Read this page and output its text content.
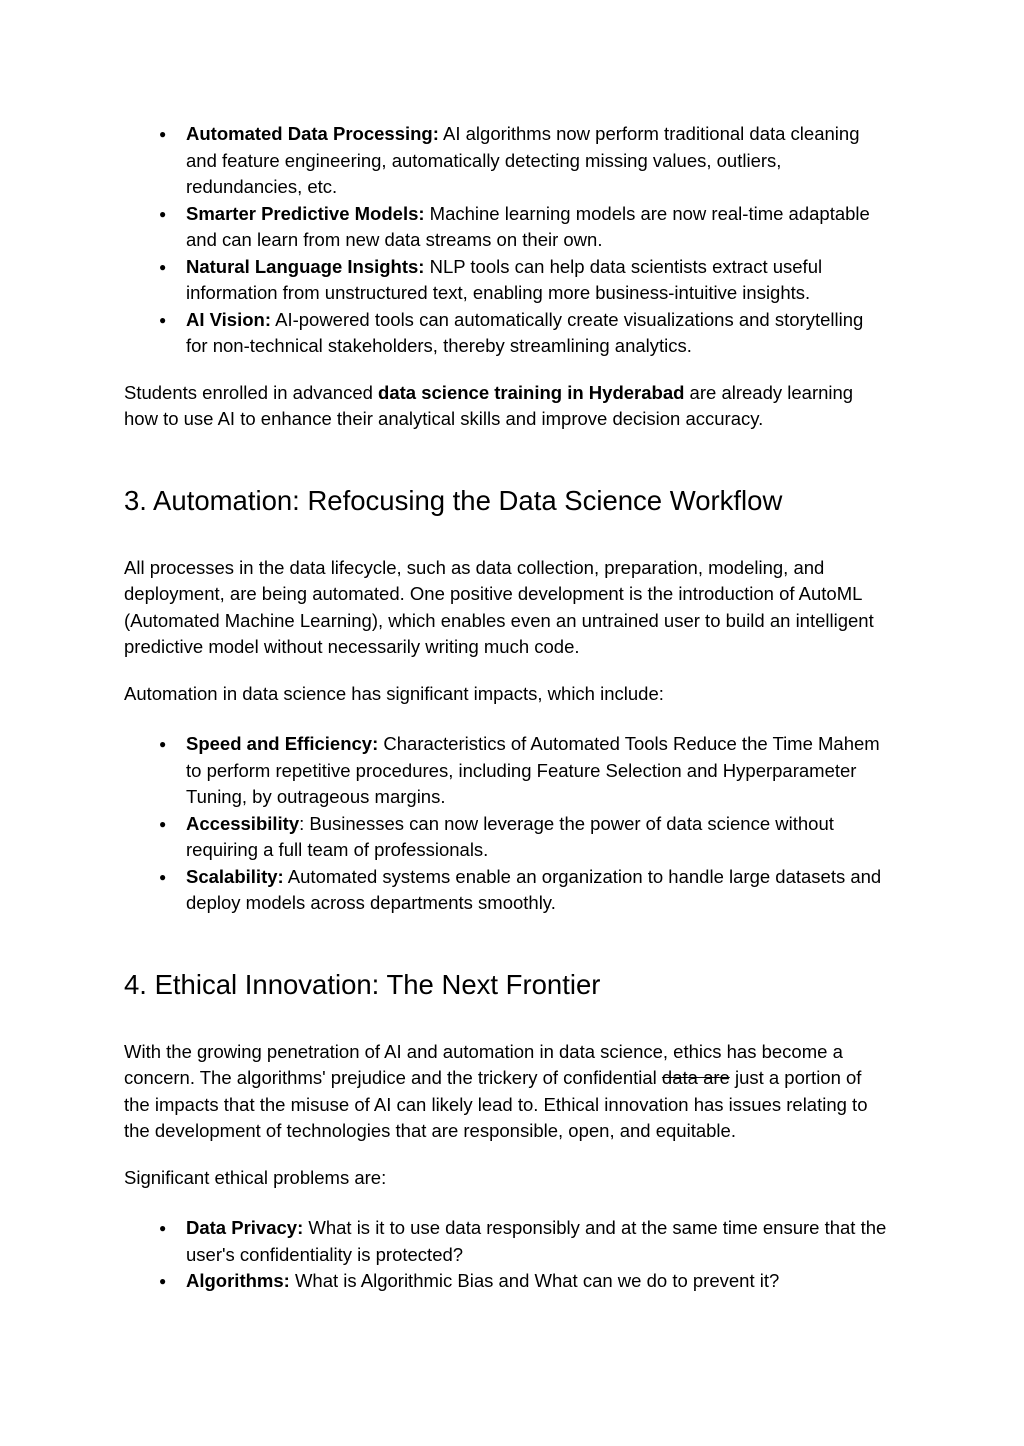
● Automated Data Processing: AI algorithms now perform traditional data cleaning and feature engineering, automatically detecting missing values, outliers, redundancies, etc.
● Smarter Predictive Models: Machine learning models are now real-time adaptable and can learn from new data streams on their own.
● Natural Language Insights: NLP tools can help data scientists extract useful information from unstructured text, enabling more business-intuitive insights.
● AI Vision: AI-powered tools can automatically create visualizations and storytelling for non-technical stakeholders, thereby streamlining analytics.

Students enrolled in advanced data science training in Hyderabad are already learning how to use AI to enhance their analytical skills and improve decision accuracy.

3. Automation: Refocusing the Data Science Workflow

All processes in the data lifecycle, such as data collection, preparation, modeling, and deployment, are being automated. One positive development is the introduction of AutoML (Automated Machine Learning), which enables even an untrained user to build an intelligent predictive model without necessarily writing much code.

Automation in data science has significant impacts, which include:

● Speed and Efficiency: Characteristics of Automated Tools Reduce the Time Mahem to perform repetitive procedures, including Feature Selection and Hyperparameter Tuning, by outrageous margins.
● Accessibility: Businesses can now leverage the power of data science without requiring a full team of professionals.
● Scalability: Automated systems enable an organization to handle large datasets and deploy models across departments smoothly.
4. Ethical Innovation: The Next Frontier

With the growing penetration of AI and automation in data science, ethics has become a concern. The algorithms' prejudice and the trickery of confidential data are just a portion of the impacts that the misuse of AI can likely lead to. Ethical innovation has issues relating to the development of technologies that are responsible, open, and equitable.

Significant ethical problems are:

● Data Privacy: What is it to use data responsibly and at the same time ensure that the user's confidentiality is protected?
● Algorithms: What is Algorithmic Bias and What can we do to prevent it?
